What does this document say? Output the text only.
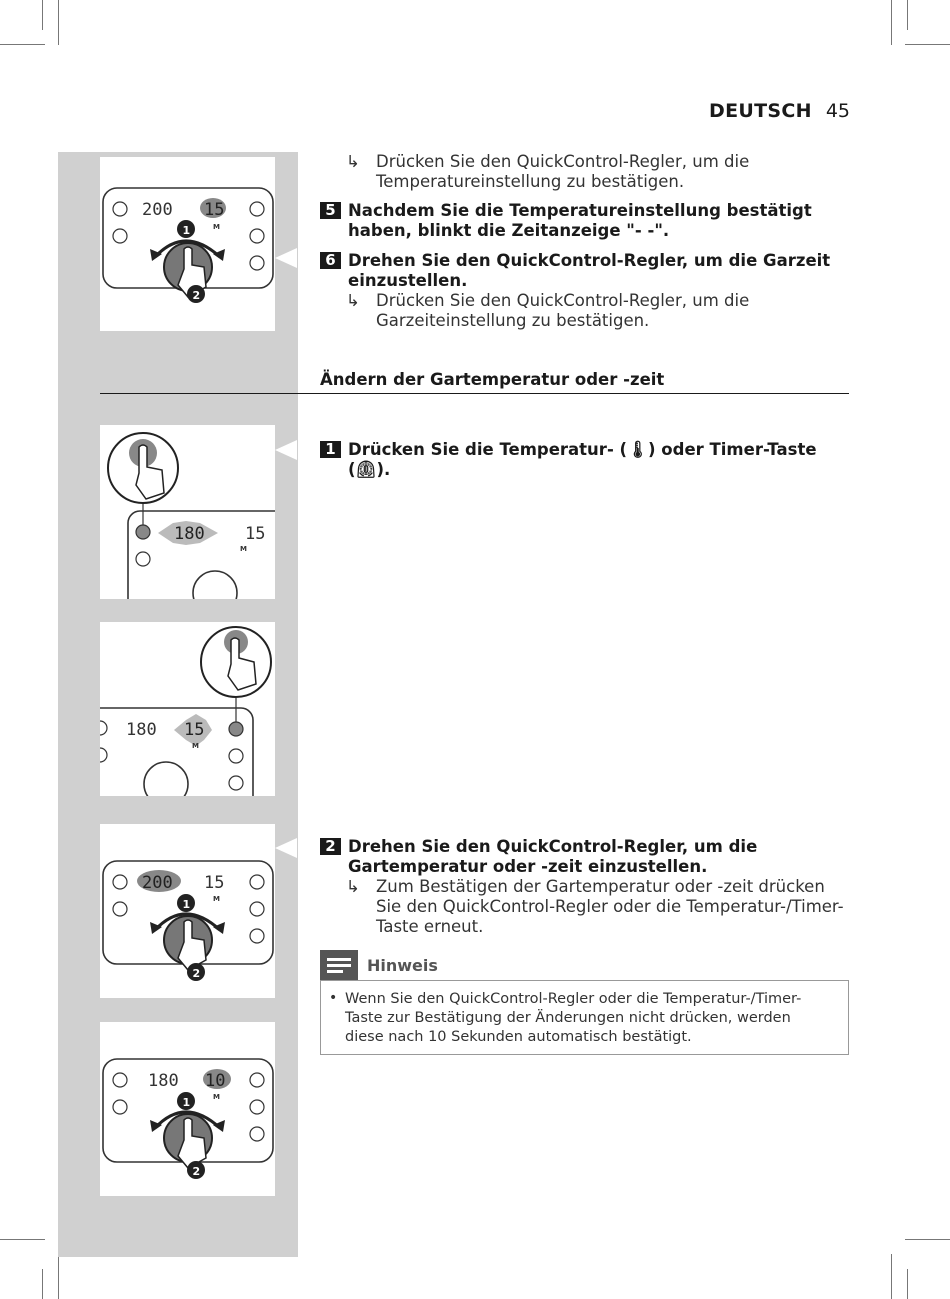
DEUTSCH 45
200 15
M
1
2
180 15
M
180 15
M
200 15
M
1
2
180 10
M
1
2
↳ Drücken Sie den QuickControl-Regler, um die Temperatureinstellung zu bestätigen.
5 Nachdem Sie die Temperatureinstellung bestätigt haben, blinkt die Zeitanzeige "- -".
6 Drehen Sie den QuickControl-Regler, um die Garzeit einzustellen.
↳ Drücken Sie den QuickControl-Regler, um die Garzeiteinstellung zu bestätigen.
Ändern der Gartemperatur oder -zeit
1 Drücken Sie die Temperatur- (🌡) oder Timer-Taste (⏲).
2 Drehen Sie den QuickControl-Regler, um die Gartemperatur oder -zeit einzustellen.
↳ Zum Bestätigen der Gartemperatur oder -zeit drücken Sie den QuickControl-Regler oder die Temperatur-/Timer-Taste erneut.
Hinweis
• Wenn Sie den QuickControl-Regler oder die Temperatur-/Timer-Taste zur Bestätigung der Änderungen nicht drücken, werden diese nach 10 Sekunden automatisch bestätigt.
